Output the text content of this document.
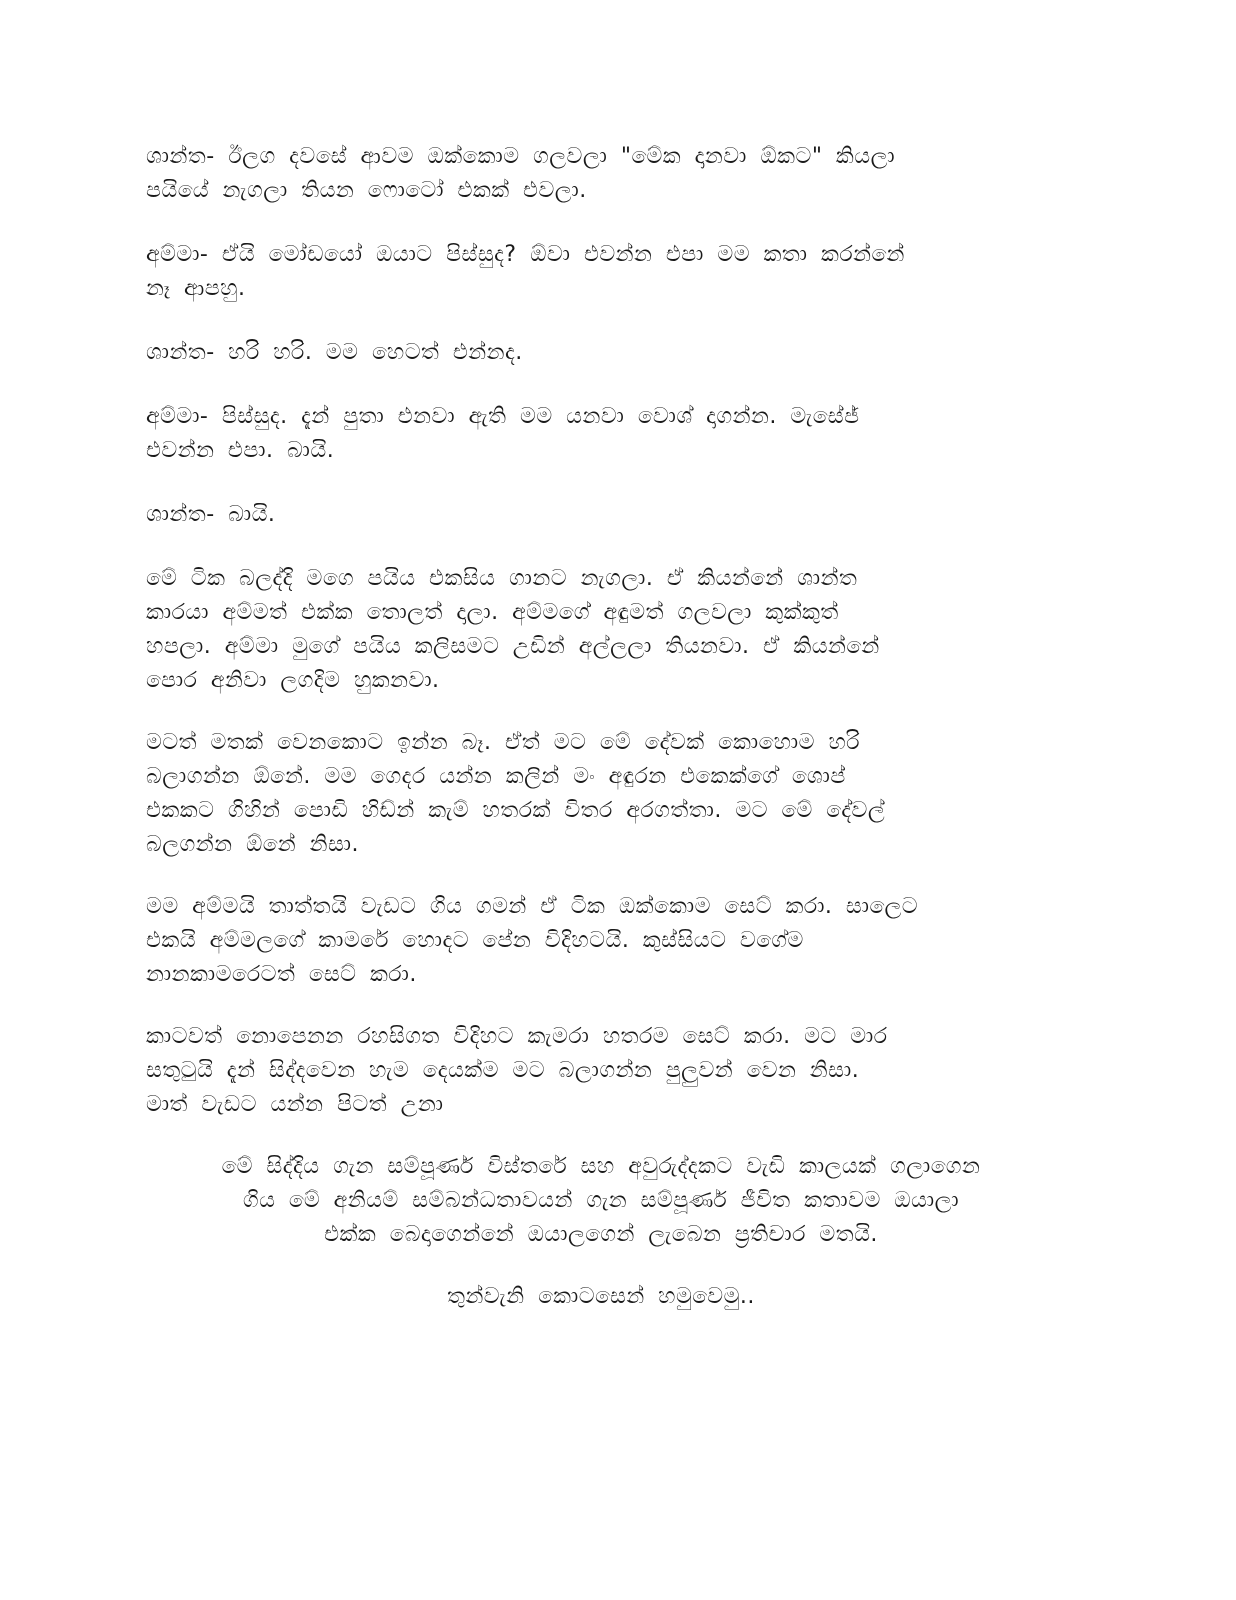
ශාන්ත- ඊලග දවසේ ආවම ඔක්කොම ගලවලා "මේක දානවා ඕකට" කියලා
පයියේ නැගලා තියන ෆොටෝ එකක් එවලා.

අම්මා- ඒයි මෝඩයෝ ඔයාට පිස්සුද? ඕවා එවන්න එපා මම කතා කරන්නේ
නෑ ආපහු.

ශාන්ත- හරි හරි. මම හෙටත් එන්නද.

අම්මා- පිස්සුද. දැන් පුතා එනවා ඇති මම යනවා වොශ් දාගන්න. මැසේජ්
එවන්න එපා. බායි.

ශාන්ත- බායි.

මේ ටික බලද්දි මගෙ පයිය එකසිය ගානට නැගලා. ඒ කියන්නේ ශාන්ත
කාරයා අම්මත් එක්ක තොලත් දාලා. අම්මගේ අඳුමත් ගලවලා කුක්කුත්
හපලා. අම්මා මුගේ පයිය කලිසමට උඩින් අල්ලලා තියනවා. ඒ කියන්නේ
පොර අනිවා ලගදිම හුකනවා.

මටත් මතක් වෙනකොට ඉන්න බෑ. ඒත් මට මේ දේවක් කොහොම හරි
බලාගන්න ඕනේ. මම ගෙදර යන්න කලින් මං අඳුරන එකෙක්ගේ ශොප්
එකකට ගිහින් පොඩි හිඩ්න් කැම් හතරක් විතර අරගත්තා. මට මේ දේවල්
බලගන්න ඕනේ නිසා.

මම අම්මයි තාත්තයි වැඩට ගිය ගමන් ඒ ටික ඔක්කොම සෙට් කරා. සාලෙට
එකයි අම්මලගේ කාමරේ හොදට පේන විදිහටයි. කුස්සියට වගේම
නානකාමරෙටත් සෙට් කරා.

කාටවත් නොපෙනන රහසිගත විදිහට කැමරා හතරම සෙට් කරා. මට මාර
සතුටුයි දැන් සිද්දවෙන හැම දෙයක්ම මට බලාගන්න පුලුවන් වෙන නිසා.
මාත් වැඩට යන්න පිටත් උනා

මේ සිද්දිය ගැන සම්පූර්ණ විස්තරේ සහ අවුරුද්දකට වැඩි කාලයක් ගලාගෙන
ගිය මේ අනියම් සම්බන්ධතාවයන් ගැන සම්පූර්ණ ජීවිත කතාවම ඔයාලා
එක්ක බෙදාගෙන්නේ ඔයාලගෙන් ලැබෙන ප්‍රතිචාර මතයි.

තුන්වැනි කොටසෙන් හමුවෙමු..
